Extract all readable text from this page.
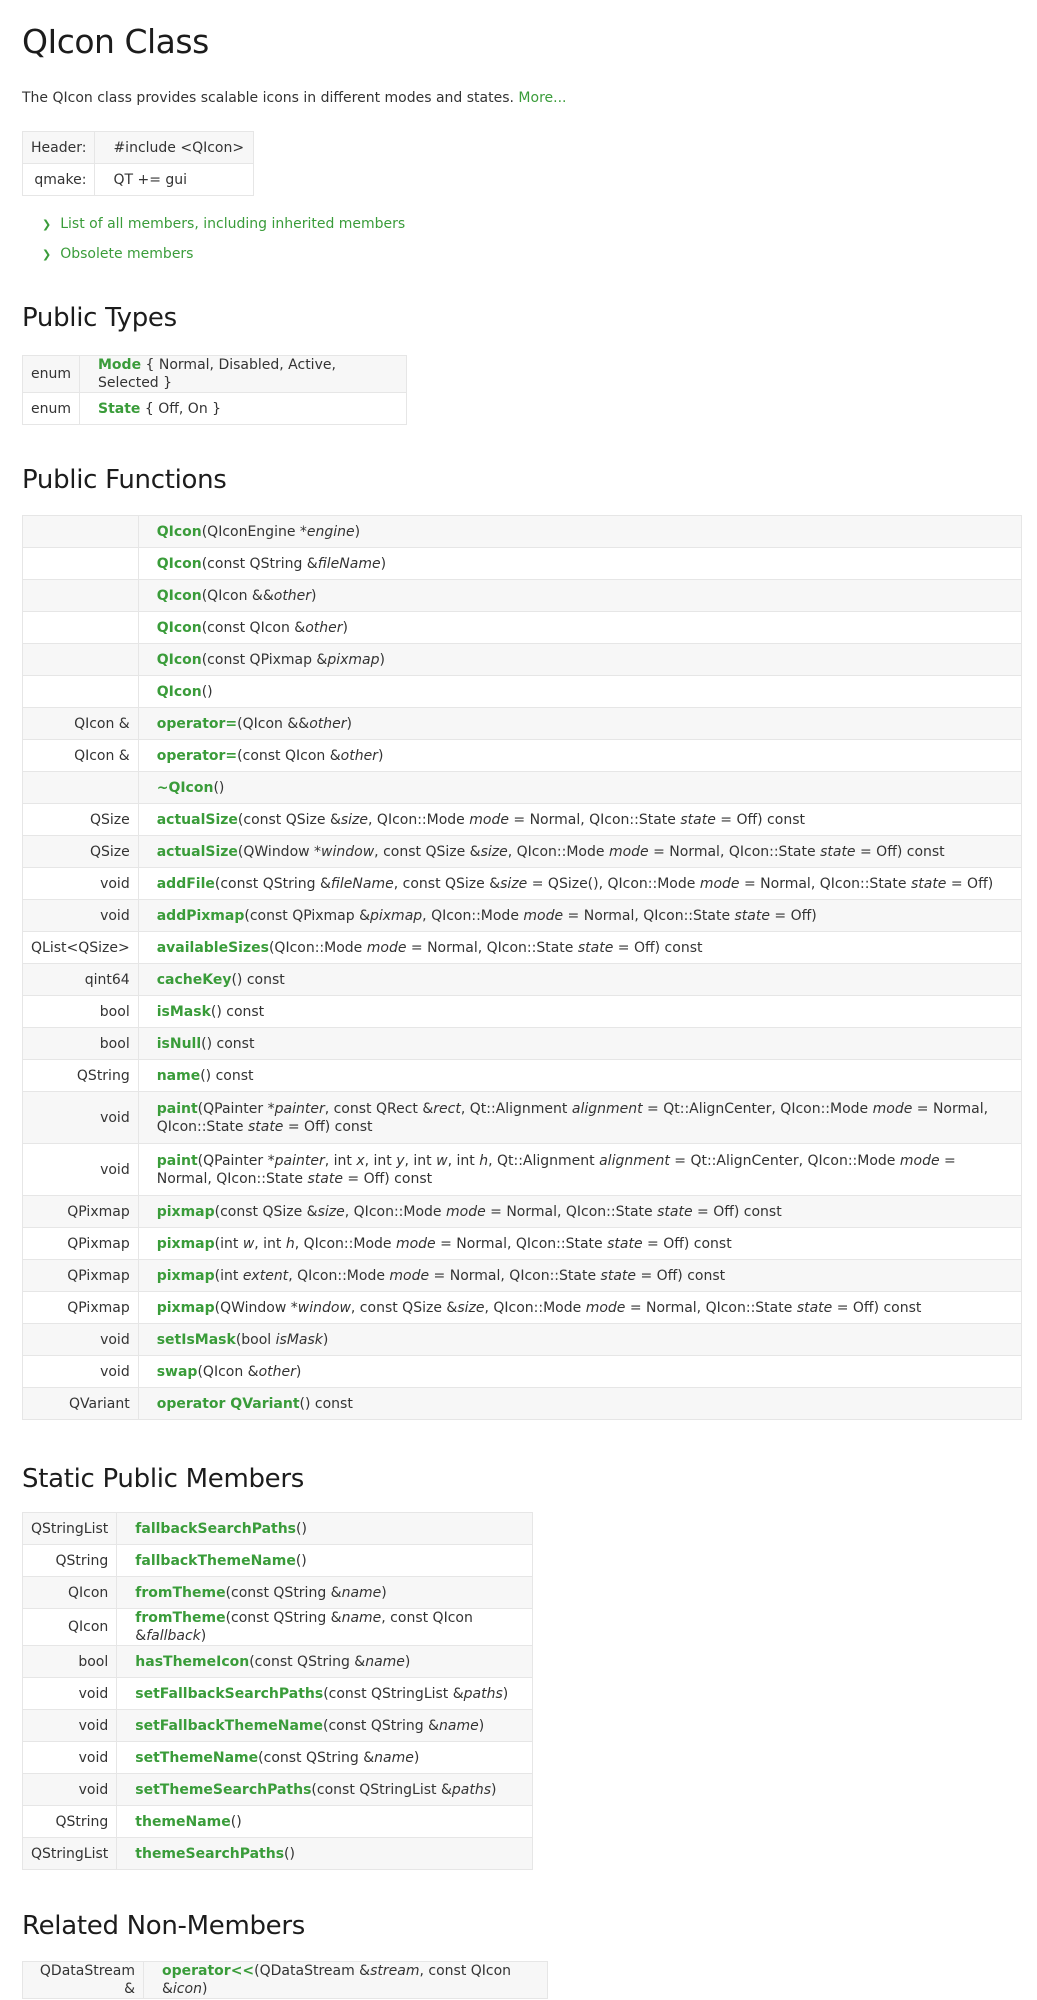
QIcon Class

The QIcon class provides scalable icons in different modes and states. More...

Header:	#include <QIcon>
qmake:	QT += gui
❯ List of all members, including inherited members
❯ Obsolete members
Public Types
enum	Mode { Normal, Disabled, Active, Selected }
enum	State { Off, On }
Public Functions
	QIcon(QIconEngine *engine)
	QIcon(const QString &fileName)
	QIcon(QIcon &&other)
	QIcon(const QIcon &other)
	QIcon(const QPixmap &pixmap)
	QIcon()
QIcon &	operator=(QIcon &&other)
QIcon &	operator=(const QIcon &other)
	~QIcon()
QSize	actualSize(const QSize &size, QIcon::Mode mode = Normal, QIcon::State state = Off) const
QSize	actualSize(QWindow *window, const QSize &size, QIcon::Mode mode = Normal, QIcon::State state = Off) const
void	addFile(const QString &fileName, const QSize &size = QSize(), QIcon::Mode mode = Normal, QIcon::State state = Off)
void	addPixmap(const QPixmap &pixmap, QIcon::Mode mode = Normal, QIcon::State state = Off)
QList<QSize>	availableSizes(QIcon::Mode mode = Normal, QIcon::State state = Off) const
qint64	cacheKey() const
bool	isMask() const
bool	isNull() const
QString	name() const
void	paint(QPainter *painter, const QRect &rect, Qt::Alignment alignment = Qt::AlignCenter, QIcon::Mode mode = Normal, QIcon::State state = Off) const
void	paint(QPainter *painter, int x, int y, int w, int h, Qt::Alignment alignment = Qt::AlignCenter, QIcon::Mode mode = Normal, QIcon::State state = Off) const
QPixmap	pixmap(const QSize &size, QIcon::Mode mode = Normal, QIcon::State state = Off) const
QPixmap	pixmap(int w, int h, QIcon::Mode mode = Normal, QIcon::State state = Off) const
QPixmap	pixmap(int extent, QIcon::Mode mode = Normal, QIcon::State state = Off) const
QPixmap	pixmap(QWindow *window, const QSize &size, QIcon::Mode mode = Normal, QIcon::State state = Off) const
void	setIsMask(bool isMask)
void	swap(QIcon &other)
QVariant	operator QVariant() const
Static Public Members
QStringList	fallbackSearchPaths()
QString	fallbackThemeName()
QIcon	fromTheme(const QString &name)
QIcon	fromTheme(const QString &name, const QIcon &fallback)
bool	hasThemeIcon(const QString &name)
void	setFallbackSearchPaths(const QStringList &paths)
void	setFallbackThemeName(const QString &name)
void	setThemeName(const QString &name)
void	setThemeSearchPaths(const QStringList &paths)
QString	themeName()
QStringList	themeSearchPaths()
Related Non-Members
QDataStream &	operator<<(QDataStream &stream, const QIcon &icon)
